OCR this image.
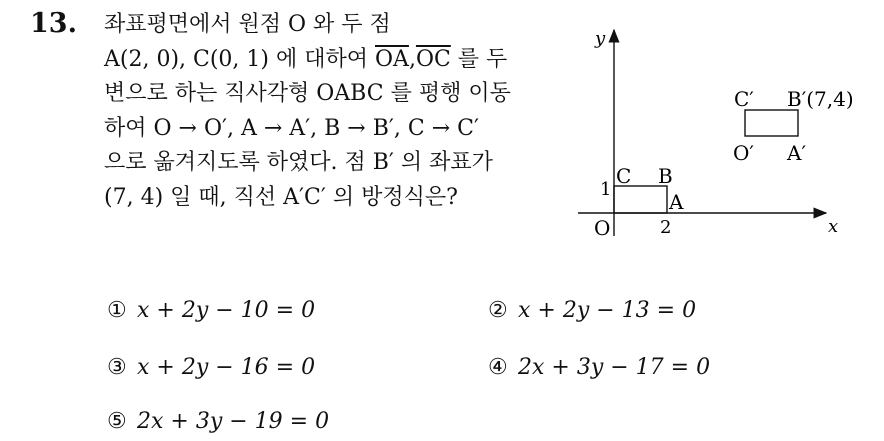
13. 좌표평면에서 원점 O 와 두 점
A(2, 0), C(0, 1) 에 대하여 $\overline{OA},\overline{OC}$ 를 두
변으로 하는 직사각형 OABC 를 평행 이동
하여 O → O′, A → A′, B → B′, C → C′
으로 옮겨지도록 하였다. 점 B′ 의 좌표가
(7, 4) 일 때, 직선 A′C′ 의 방정식은?
y
x
O	2
1
C B
A
C′ B′(7,4)
O′ A′
① x + 2y − 10 = 0	② x + 2y − 13 = 0
③ x + 2y − 16 = 0	④ 2x + 3y − 17 = 0
⑤ 2x + 3y − 19 = 0
